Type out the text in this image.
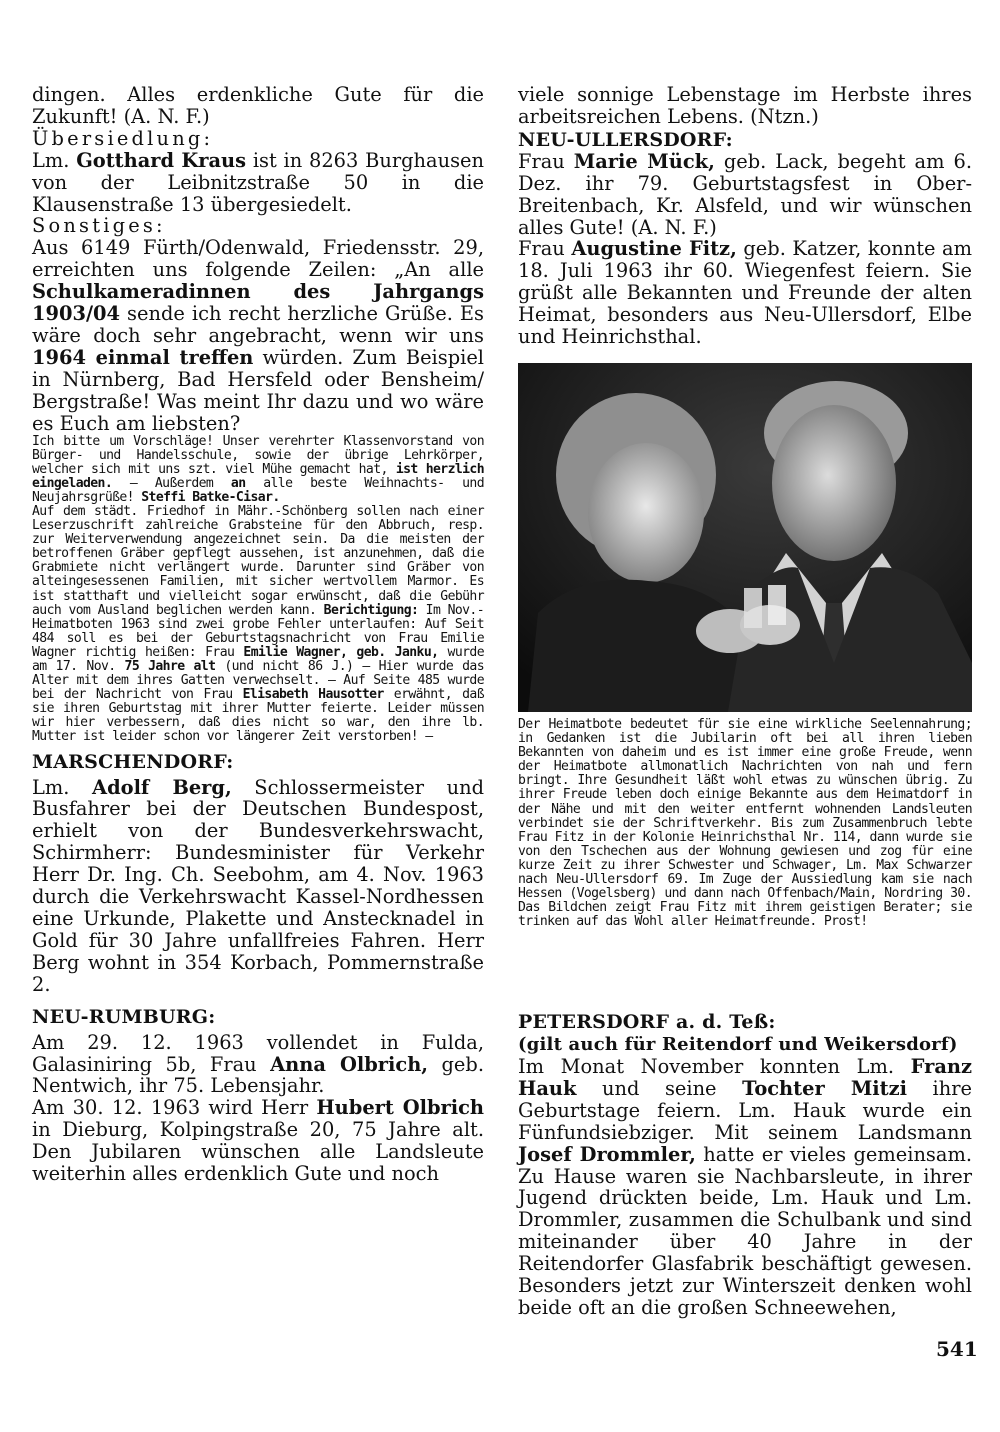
dingen. Alles erdenkliche Gute für die Zukunft! (A. N. F.)

Übersiedlung:

Lm. Gotthard Kraus ist in 8263 Burghausen von der Leibnitzstraße 50 in die Klausenstraße 13 übergesiedelt.

Sonstiges:

Aus 6149 Fürth/Odenwald, Friedensstr. 29, erreichten uns folgende Zeilen: „An alle Schulkameradinnen des Jahrgangs 1903/04 sende ich recht herzliche Grüße. Es wäre doch sehr angebracht, wenn wir uns 1964 einmal treffen würden. Zum Beispiel in Nürnberg, Bad Hersfeld oder Bensheim/ Bergstraße! Was meint Ihr dazu und wo wäre es Euch am liebsten?

Ich bitte um Vorschläge! Unser verehrter Klassenvorstand von Bürger- und Handelsschule, sowie der übrige Lehrkörper, welcher sich mit uns szt. viel Mühe gemacht hat, ist herzlich eingeladen. — Außerdem an alle beste Weihnachts- und Neujahrsgrüße! Steffi Batke-Cisar.

Auf dem städt. Friedhof in Mähr.-Schönberg sollen nach einer Leserzuschrift zahlreiche Grabsteine für den Abbruch, resp. zur Weiterverwendung angezeichnet sein. Da die meisten der betroffenen Gräber gepflegt aussehen, ist anzunehmen, daß die Grabmiete nicht verlängert wurde. Darunter sind Gräber von alteingesessenen Familien, mit sicher wertvollem Marmor. Es ist statthaft und vielleicht sogar erwünscht, daß die Gebühr auch vom Ausland beglichen werden kann. Berichtigung: Im Nov.-Heimatboten 1963 sind zwei grobe Fehler unterlaufen: Auf Seit 484 soll es bei der Geburtstagsnachricht von Frau Emilie Wagner richtig heißen: Frau Emilie Wagner, geb. Janku, wurde am 17. Nov. 75 Jahre alt (und nicht 86 J.) — Hier wurde das Alter mit dem ihres Gatten verwechselt. — Auf Seite 485 wurde bei der Nachricht von Frau Elisabeth Hausotter erwähnt, daß sie ihren Geburtstag mit ihrer Mutter feierte. Leider müssen wir hier verbessern, daß dies nicht so war, den ihre lb. Mutter ist leider schon vor längerer Zeit verstorben! —

MARSCHENDORF:

Lm. Adolf Berg, Schlossermeister und Busfahrer bei der Deutschen Bundespost, erhielt von der Bundesverkehrswacht, Schirmherr: Bundesminister für Verkehr Herr Dr. Ing. Ch. Seebohm, am 4. Nov. 1963 durch die Verkehrswacht Kassel-Nordhessen eine Urkunde, Plakette und Anstecknadel in Gold für 30 Jahre unfallfreies Fahren. Herr Berg wohnt in 354 Korbach, Pommernstraße 2.

NEU-RUMBURG:

Am 29. 12. 1963 vollendet in Fulda, Galasiniring 5b, Frau Anna Olbrich, geb. Nentwich, ihr 75. Lebensjahr.

Am 30. 12. 1963 wird Herr Hubert Olbrich in Dieburg, Kolpingstraße 20, 75 Jahre alt. Den Jubilaren wünschen alle Landsleute weiterhin alles erdenklich Gute und noch

viele sonnige Lebenstage im Herbste ihres arbeitsreichen Lebens. (Ntzn.)

NEU-ULLERSDORF:

Frau Marie Mück, geb. Lack, begeht am 6. Dez. ihr 79. Geburtstagsfest in Ober-Breitenbach, Kr. Alsfeld, und wir wünschen alles Gute! (A. N. F.)

Frau Augustine Fitz, geb. Katzer, konnte am 18. Juli 1963 ihr 60. Wiegenfest feiern. Sie grüßt alle Bekannten und Freunde der alten Heimat, besonders aus Neu-Ullersdorf, Elbe und Heinrichsthal.

Der Heimatbote bedeutet für sie eine wirkliche Seelennahrung; in Gedanken ist die Jubilarin oft bei all ihren lieben Bekannten von daheim und es ist immer eine große Freude, wenn der Heimatbote allmonatlich Nachrichten von nah und fern bringt. Ihre Gesundheit läßt wohl etwas zu wünschen übrig. Zu ihrer Freude leben doch einige Bekannte aus dem Heimatdorf in der Nähe und mit den weiter entfernt wohnenden Landsleuten verbindet sie der Schriftverkehr. Bis zum Zusammenbruch lebte Frau Fitz in der Kolonie Heinrichsthal Nr. 114, dann wurde sie von den Tschechen aus der Wohnung gewiesen und zog für eine kurze Zeit zu ihrer Schwester und Schwager, Lm. Max Schwarzer nach Neu-Ullersdorf 69. Im Zuge der Aussiedlung kam sie nach Hessen (Vogelsberg) und dann nach Offenbach/Main, Nordring 30. Das Bildchen zeigt Frau Fitz mit ihrem geistigen Berater; sie trinken auf das Wohl aller Heimatfreunde. Prost!

PETERSDORF a. d. Teß:

(gilt auch für Reitendorf und Weikersdorf)

Im Monat November konnten Lm. Franz Hauk und seine Tochter Mitzi ihre Geburtstage feiern. Lm. Hauk wurde ein Fünfundsiebziger. Mit seinem Landsmann Josef Drommler, hatte er vieles gemeinsam. Zu Hause waren sie Nachbarsleute, in ihrer Jugend drückten beide, Lm. Hauk und Lm. Drommler, zusammen die Schulbank und sind miteinander über 40 Jahre in der Reitendorfer Glasfabrik beschäftigt gewesen. Besonders jetzt zur Winterszeit denken wohl beide oft an die großen Schneewehen,

541
